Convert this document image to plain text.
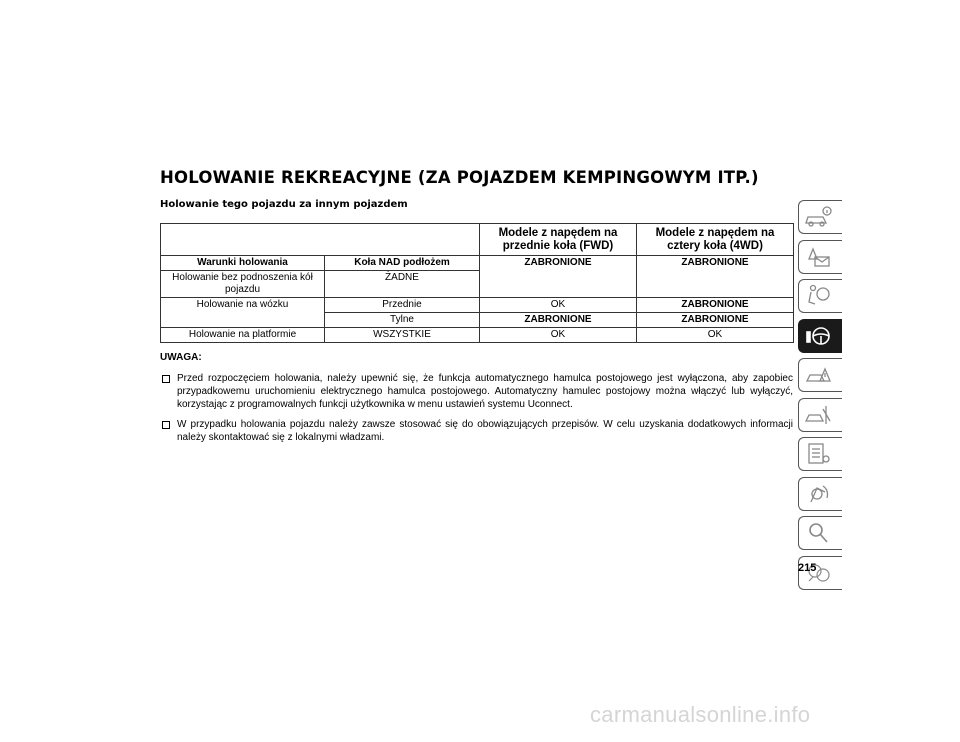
HOLOWANIE REKREACYJNE (ZA POJAZDEM KEMPINGOWYM ITP.)
Holowanie tego pojazdu za innym pojazdem
		Modele z napędem na przednie koła (FWD)	Modele z napędem na cztery koła (4WD)
Warunki holowania	Koła NAD podłożem	ZABRONIONE	ZABRONIONE
Holowanie bez podnoszenia kół pojazdu	ŻADNE		
Holowanie na wózku	Przednie	OK	ZABRONIONE
	Tylne	ZABRONIONE	ZABRONIONE
Holowanie na platformie	WSZYSTKIE	OK	OK
UWAGA:
Przed rozpoczęciem holowania, należy upewnić się, że funkcja automatycznego hamulca postojowego jest wyłączona, aby zapobiec przypadkowemu uruchomieniu elektrycznego hamulca postojowego. Automatyczny hamulec postojowy można włączyć lub wyłączyć, korzystając z programowalnych funkcji użytkownika w menu ustawień systemu Uconnect.
W przypadku holowania pojazdu należy zawsze stosować się do obowiązujących przepisów. W celu uzyskania dodatkowych informacji należy skontaktować się z lokalnymi władzami.
215
carmanualsonline.info
